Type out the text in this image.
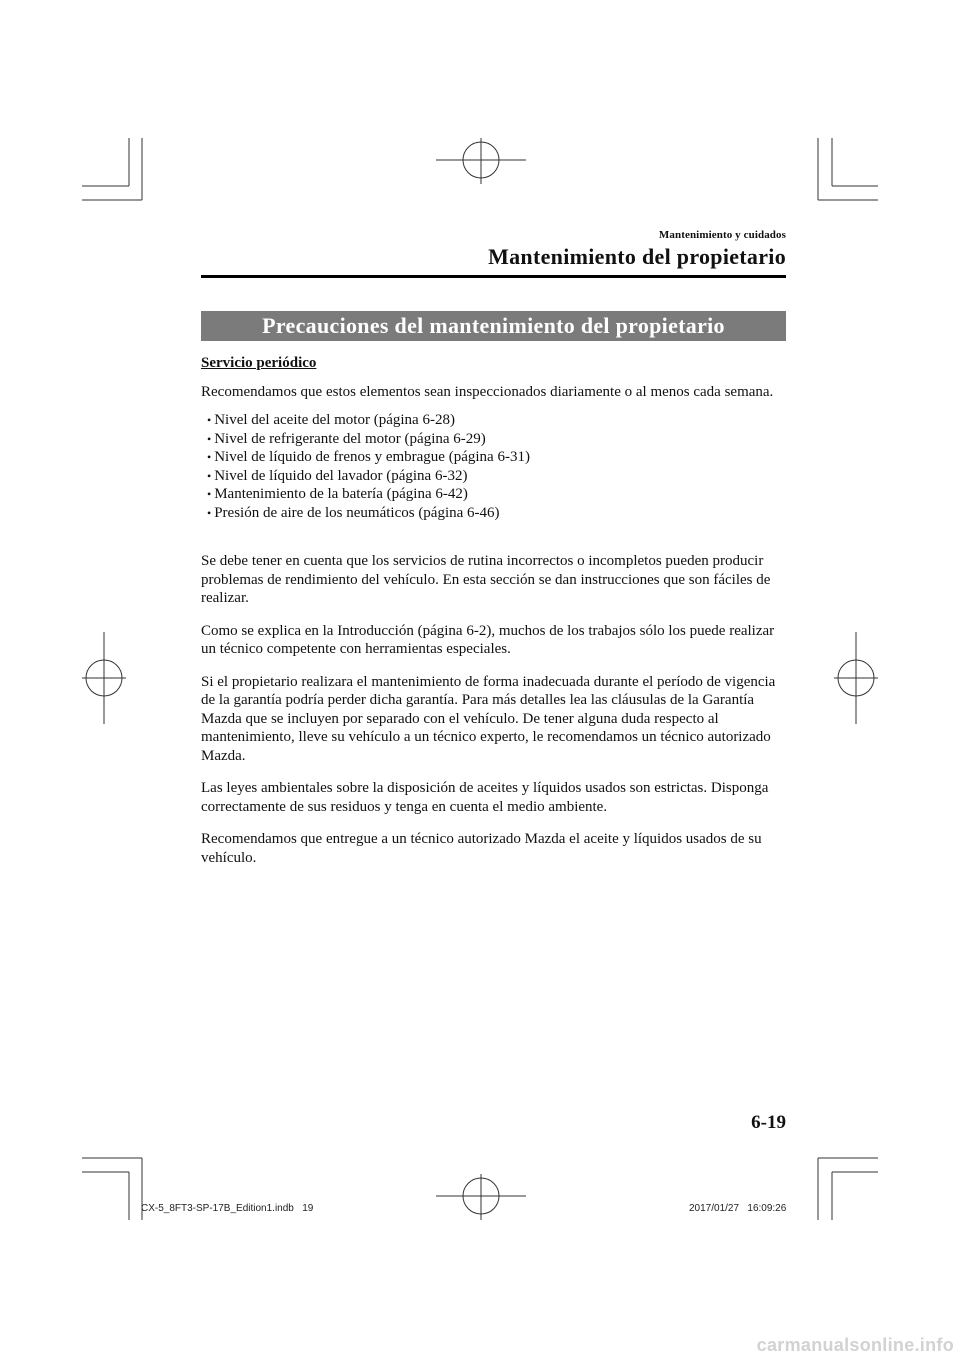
Mantenimiento y cuidados
Mantenimiento del propietario
Precauciones del mantenimiento del propietario
Servicio periódico

Recomendamos que estos elementos sean inspeccionados diariamente o al menos cada semana.

• Nivel del aceite del motor (página 6-28)
• Nivel de refrigerante del motor (página 6-29)
• Nivel de líquido de frenos y embrague (página 6-31)
• Nivel de líquido del lavador (página 6-32)
• Mantenimiento de la batería (página 6-42)
• Presión de aire de los neumáticos (página 6-46)

Se debe tener en cuenta que los servicios de rutina incorrectos o incompletos pueden producir problemas de rendimiento del vehículo. En esta sección se dan instrucciones que son fáciles de realizar.

Como se explica en la Introducción (página 6-2), muchos de los trabajos sólo los puede realizar un técnico competente con herramientas especiales.

Si el propietario realizara el mantenimiento de forma inadecuada durante el período de vigencia de la garantía podría perder dicha garantía. Para más detalles lea las cláusulas de la Garantía Mazda que se incluyen por separado con el vehículo. De tener alguna duda respecto al mantenimiento, lleve su vehículo a un técnico experto, le recomendamos un técnico autorizado Mazda.

Las leyes ambientales sobre la disposición de aceites y líquidos usados son estrictas. Disponga correctamente de sus residuos y tenga en cuenta el medio ambiente.

Recomendamos que entregue a un técnico autorizado Mazda el aceite y líquidos usados de su vehículo.

6-19
CX-5_8FT3-SP-17B_Edition1.indb   19	2017/01/27   16:09:26
carmanualsonline.info
